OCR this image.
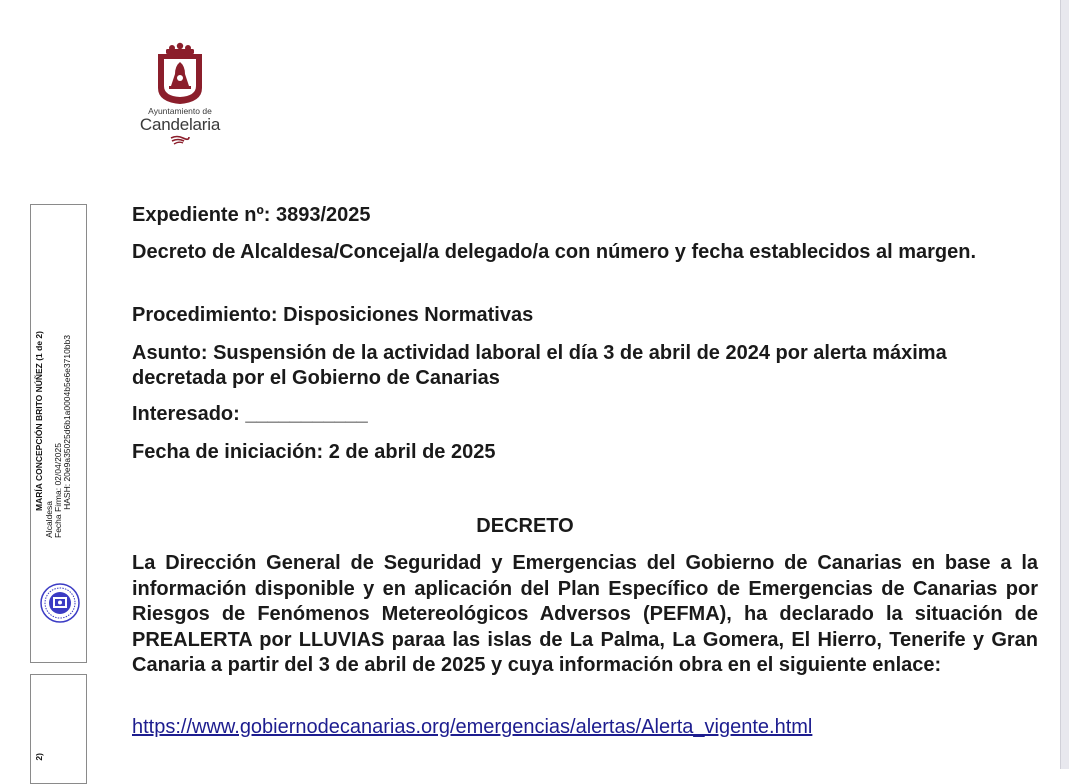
Ayuntamiento de
Candelaria
MARÍA CONCEPCIÓN BRITO NÚÑEZ (1 de 2)
Alcaldesa Fecha Firma: 02/04/2025 HASH: 20e9a35025d6b1a0004b5e6e3710bb3
2)
Expediente nº: 3893/2025
Decreto de Alcaldesa/Concejal/a delegado/a con número y fecha establecidos al margen.
Procedimiento: Disposiciones Normativas
Asunto: Suspensión de la actividad laboral el día 3 de abril de 2024 por alerta máxima decretada por el Gobierno de Canarias
Interesado: ___________
Fecha de iniciación: 2 de abril de 2025
DECRETO
La Dirección General de Seguridad y Emergencias del Gobierno de Canarias en base a la información disponible y en aplicación del Plan Específico de Emergencias de Canarias por Riesgos de Fenómenos Metereológicos Adversos (PEFMA), ha declarado la situación de PREALERTA por LLUVIAS paraa las islas de La Palma, La Gomera, El Hierro, Tenerife y Gran Canaria a partir del 3 de abril de 2025 y cuya información obra en el siguiente enlace:
https://www.gobiernodecanarias.org/emergencias/alertas/Alerta_vigente.html
